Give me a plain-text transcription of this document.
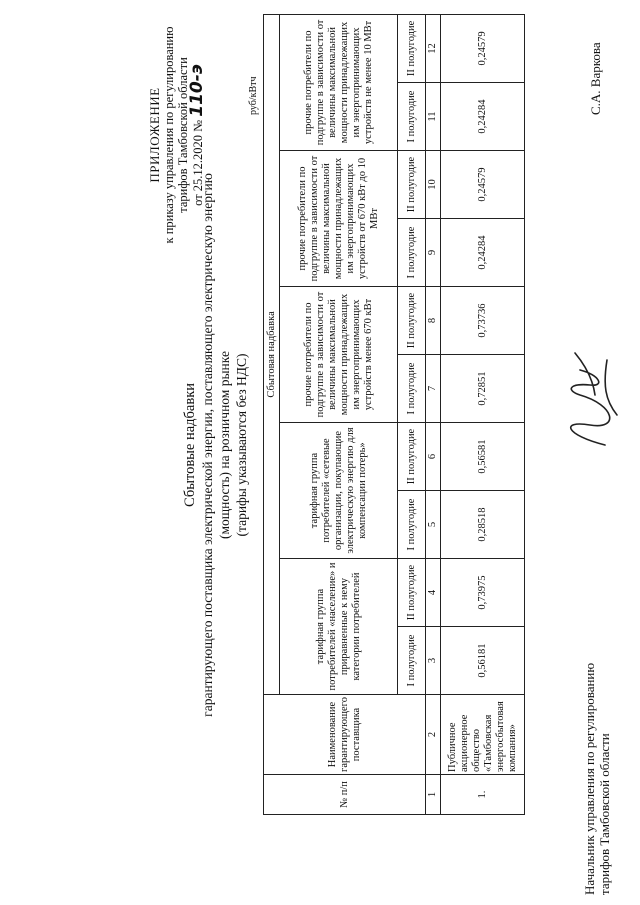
ПРИЛОЖЕНИЕ к приказу управления по регулированию тарифов Тамбовской области от 25.12.2020 № 110-э
Сбытовые надбавки гарантирующего поставщика электрической энергии, поставляющего электрическую энергию (мощность) на розничном рынке (тарифы указываются без НДС)
руб/кВтч
№ п/п	Наименование гарантирующего поставщика	Сбытовая надбавка									
		тарифная группа потребителей «население» и приравненные к нему категории потребителей		тарифная группа потребителей «сетевые организации, покупающие электрическую энергию для компенсации потерь»		прочие потребители по подгруппе в зависимости от величины максимальной мощности принадлежащих им энергопринимающих устройств менее 670 кВт		прочие потребители по подгруппе в зависимости от величины максимальной мощности принадлежащих им энергопринимающих устройств от 670 кВт до 10 МВт		прочие потребители по подгруппе в зависимости от величины максимальной мощности принадлежащих им энергопринимающих устройств не менее 10 МВт	
		I полугодие	II полугодие	I полугодие	II полугодие	I полугодие	II полугодие	I полугодие	II полугодие	I полугодие	II полугодие
1	2	3	4	5	6	7	8	9	10	11	12
1.	Публичное акционерное общество «Тамбовская энергосбытовая компания»	0,56181	0,73975	0,28518	0,56581	0,72851	0,73736	0,24284	0,24579	0,24284	0,24579
Начальник управления по регулированию тарифов Тамбовской области
С.А. Варкова
